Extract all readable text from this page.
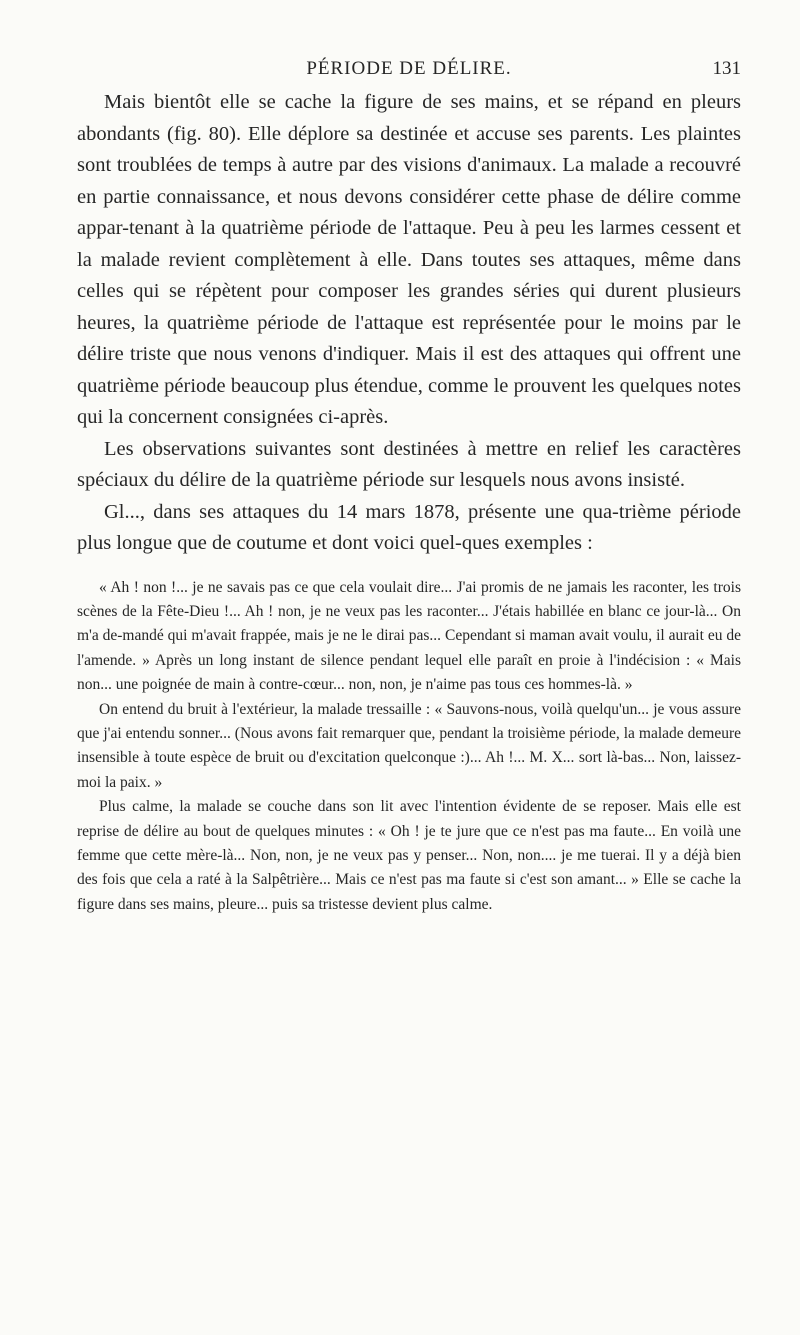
PÉRIODE DE DÉLIRE.	131

Mais bientôt elle se cache la figure de ses mains, et se répand en pleurs abondants (fig. 80). Elle déplore sa destinée et accuse ses parents. Les plaintes sont troublées de temps à autre par des visions d'animaux. La malade a recouvré en partie connaissance, et nous devons considérer cette phase de délire comme appar-tenant à la quatrième période de l'attaque. Peu à peu les larmes cessent et la malade revient complètement à elle. Dans toutes ses attaques, même dans celles qui se répètent pour composer les grandes séries qui durent plusieurs heures, la quatrième période de l'attaque est représentée pour le moins par le délire triste que nous venons d'indiquer. Mais il est des attaques qui offrent une quatrième période beaucoup plus étendue, comme le prouvent les quelques notes qui la concernent consignées ci-après.

Les observations suivantes sont destinées à mettre en relief les caractères spéciaux du délire de la quatrième période sur lesquels nous avons insisté.

Gl..., dans ses attaques du 14 mars 1878, présente une qua-trième période plus longue que de coutume et dont voici quel-ques exemples :

« Ah ! non !... je ne savais pas ce que cela voulait dire... J'ai promis de ne jamais les raconter, les trois scènes de la Fête-Dieu !... Ah ! non, je ne veux pas les raconter... J'étais habillée en blanc ce jour-là... On m'a de-mandé qui m'avait frappée, mais je ne le dirai pas... Cependant si maman avait voulu, il aurait eu de l'amende. » Après un long instant de silence pendant lequel elle paraît en proie à l'indécision : « Mais non... une poignée de main à contre-cœur... non, non, je n'aime pas tous ces hommes-là. »

On entend du bruit à l'extérieur, la malade tressaille : « Sauvons-nous, voilà quelqu'un... je vous assure que j'ai entendu sonner... (Nous avons fait remarquer que, pendant la troisième période, la malade demeure insensible à toute espèce de bruit ou d'excitation quelconque :)... Ah !... M. X... sort là-bas... Non, laissez-moi la paix. »

Plus calme, la malade se couche dans son lit avec l'intention évidente de se reposer. Mais elle est reprise de délire au bout de quelques minutes : « Oh ! je te jure que ce n'est pas ma faute... En voilà une femme que cette mère-là... Non, non, je ne veux pas y penser... Non, non.... je me tuerai. Il y a déjà bien des fois que cela a raté à la Salpêtrière... Mais ce n'est pas ma faute si c'est son amant... » Elle se cache la figure dans ses mains, pleure... puis sa tristesse devient plus calme.
